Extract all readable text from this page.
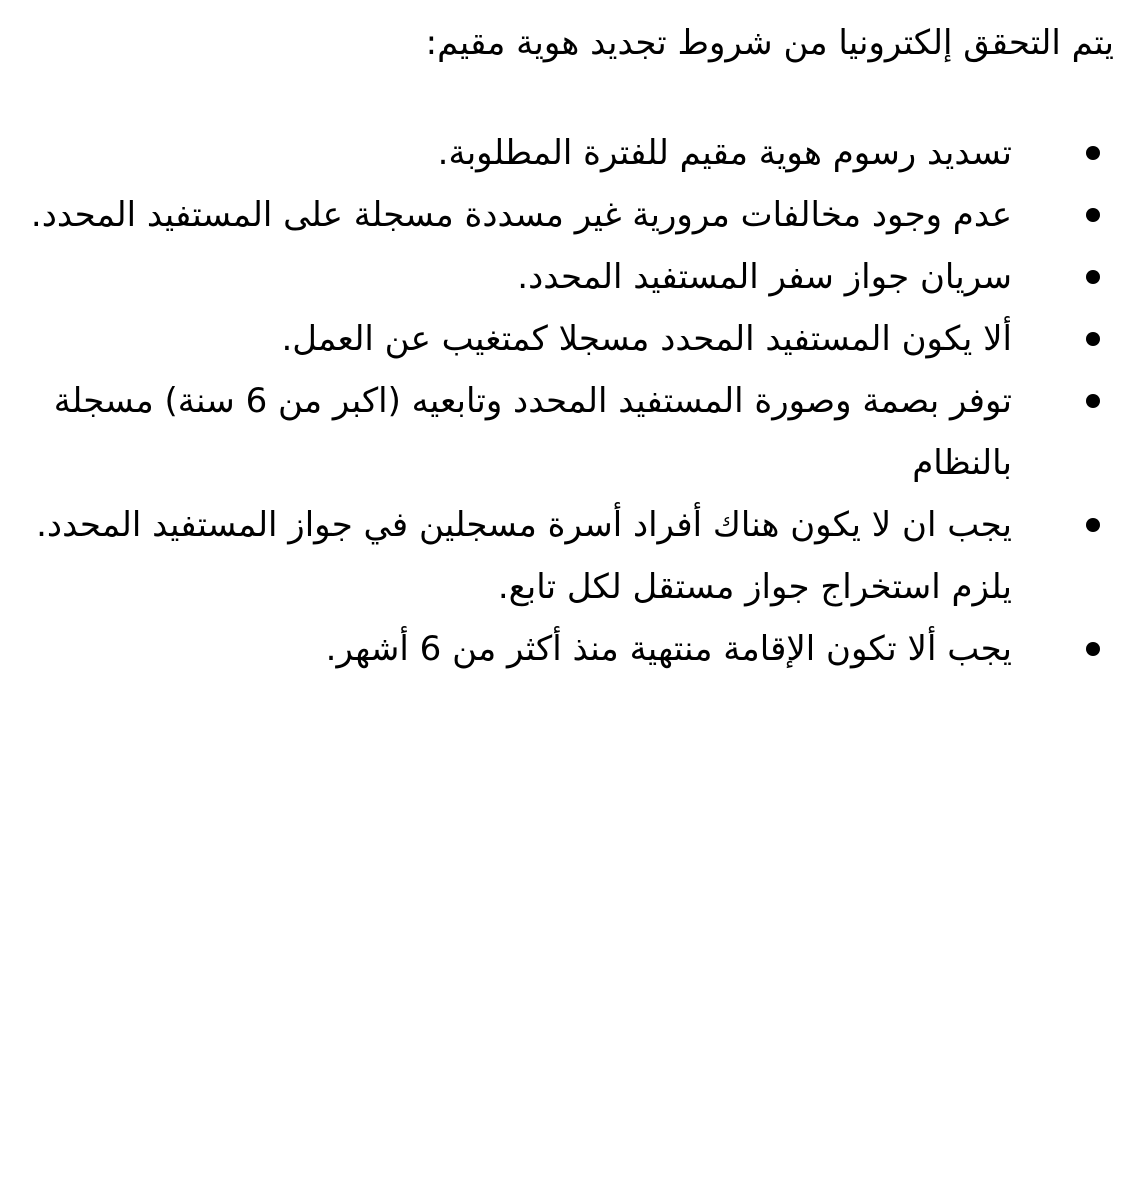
يتم التحقق إلكترونيا من شروط تجديد هوية مقيم:

تسديد رسوم هوية مقيم للفترة المطلوبة.
عدم وجود مخالفات مرورية غير مسددة مسجلة على المستفيد المحدد.
سريان جواز سفر المستفيد المحدد.
ألا يكون المستفيد المحدد مسجلا كمتغيب عن العمل.
توفر بصمة وصورة المستفيد المحدد وتابعيه (اكبر من 6 سنة) مسجلة بالنظام
يجب ان لا يكون هناك أفراد أسرة مسجلين في جواز المستفيد المحدد. يلزم استخراج جواز مستقل لكل تابع.
يجب ألا تكون الإقامة منتهية منذ أكثر من 6 أشهر.
